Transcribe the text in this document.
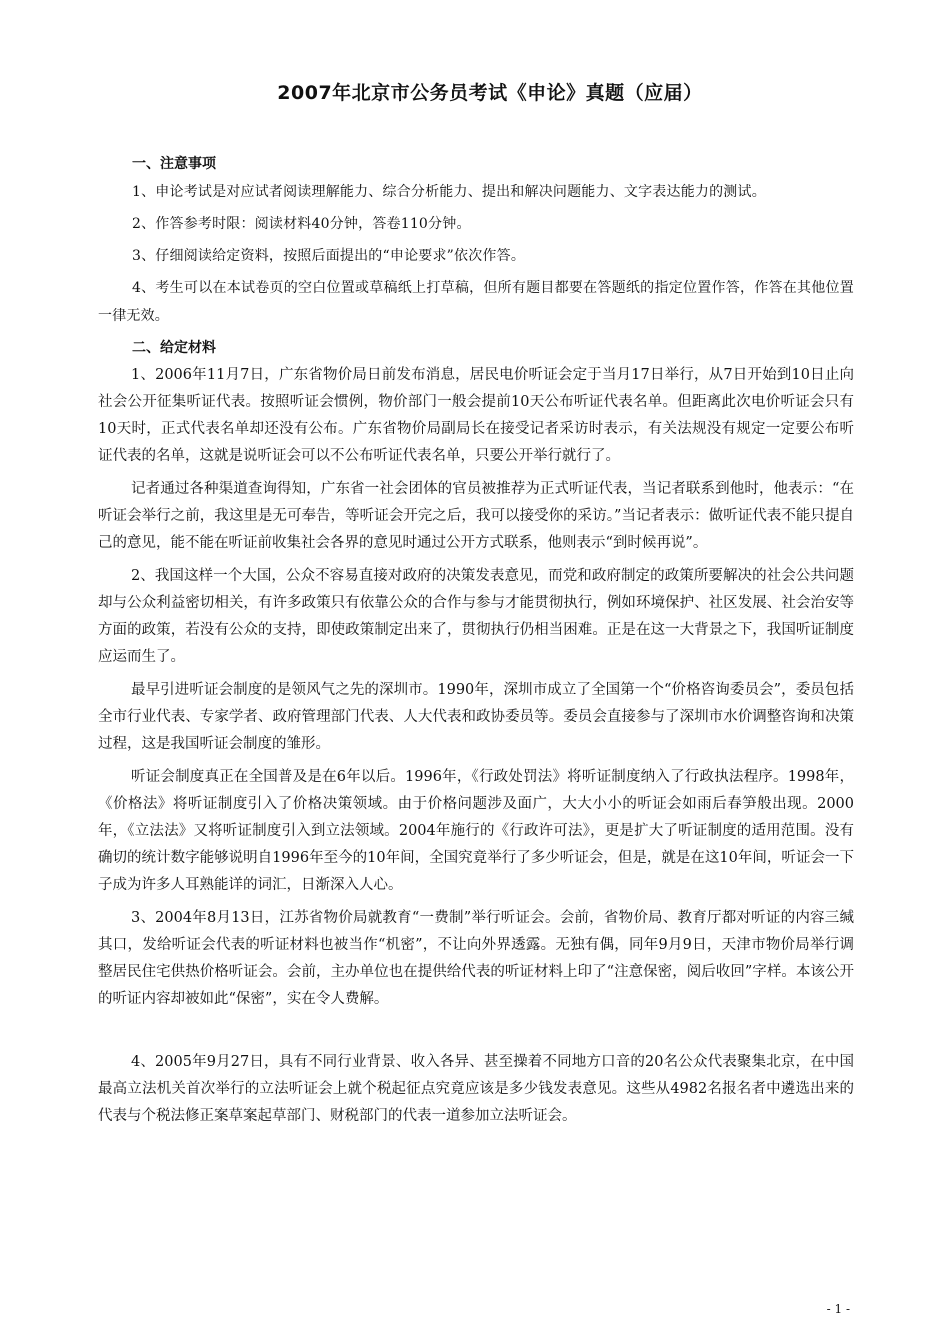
2007年北京市公务员考试《申论》真题（应届）
一、注意事项

1、申论考试是对应试者阅读理解能力、综合分析能力、提出和解决问题能力、文字表达能力的测试。

2、作答参考时限：阅读材料40分钟，答卷110分钟。

3、仔细阅读给定资料，按照后面提出的“申论要求”依次作答。

4、考生可以在本试卷页的空白位置或草稿纸上打草稿，但所有题目都要在答题纸的指定位置作答，作答在其他位置一律无效。

二、给定材料

1、2006年11月7日，广东省物价局日前发布消息，居民电价听证会定于当月17日举行，从7日开始到10日止向社会公开征集听证代表。按照听证会惯例，物价部门一般会提前10天公布听证代表名单。但距离此次电价听证会只有10天时，正式代表名单却还没有公布。广东省物价局副局长在接受记者采访时表示，有关法规没有规定一定要公布听证代表的名单，这就是说听证会可以不公布听证代表名单，只要公开举行就行了。

记者通过各种渠道查询得知，广东省一社会团体的官员被推荐为正式听证代表，当记者联系到他时，他表示：“在听证会举行之前，我这里是无可奉告，等听证会开完之后，我可以接受你的采访。”当记者表示：做听证代表不能只提自己的意见，能不能在听证前收集社会各界的意见时通过公开方式联系，他则表示“到时候再说”。

2、我国这样一个大国，公众不容易直接对政府的决策发表意见，而党和政府制定的政策所要解决的社会公共问题却与公众利益密切相关，有许多政策只有依靠公众的合作与参与才能贯彻执行，例如环境保护、社区发展、社会治安等方面的政策，若没有公众的支持，即使政策制定出来了，贯彻执行仍相当困难。正是在这一大背景之下，我国听证制度应运而生了。

最早引进听证会制度的是领风气之先的深圳市。1990年，深圳市成立了全国第一个“价格咨询委员会”，委员包括全市行业代表、专家学者、政府管理部门代表、人大代表和政协委员等。委员会直接参与了深圳市水价调整咨询和决策过程，这是我国听证会制度的雏形。

听证会制度真正在全国普及是在6年以后。1996年，《行政处罚法》将听证制度纳入了行政执法程序。1998年，《价格法》将听证制度引入了价格决策领域。由于价格问题涉及面广，大大小小的听证会如雨后春笋般出现。2000年，《立法法》又将听证制度引入到立法领域。2004年施行的《行政许可法》，更是扩大了听证制度的适用范围。没有确切的统计数字能够说明自1996年至今的10年间，全国究竟举行了多少听证会，但是，就是在这10年间，听证会一下子成为许多人耳熟能详的词汇，日渐深入人心。

3、2004年8月13日，江苏省物价局就教育“一费制”举行听证会。会前，省物价局、教育厅都对听证的内容三缄其口，发给听证会代表的听证材料也被当作“机密”，不让向外界透露。无独有偶，同年9月9日，天津市物价局举行调整居民住宅供热价格听证会。会前，主办单位也在提供给代表的听证材料上印了“注意保密，阅后收回”字样。本该公开的听证内容却被如此“保密”，实在令人费解。

4、2005年9月27日，具有不同行业背景、收入各异、甚至操着不同地方口音的20名公众代表聚集北京，在中国最高立法机关首次举行的立法听证会上就个税起征点究竟应该是多少钱发表意见。这些从4982名报名者中遴选出来的代表与个税法修正案草案起草部门、财税部门的代表一道参加立法听证会。

- 1 -
